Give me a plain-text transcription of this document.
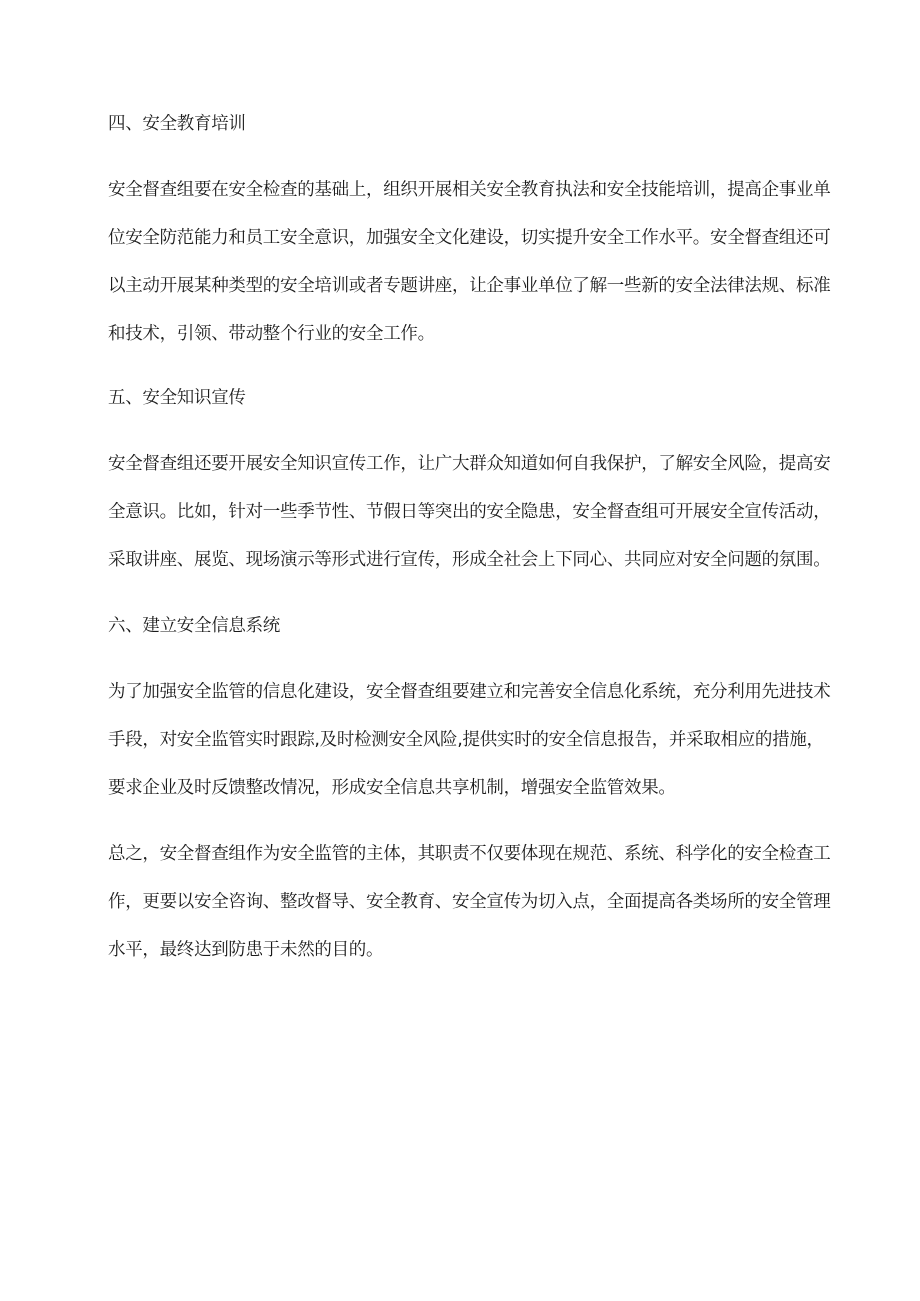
四、安全教育培训
安全督查组要在安全检查的基础上，组织开展相关安全教育执法和安全技能培训，提高企事业单
位安全防范能力和员工安全意识，加强安全文化建设，切实提升安全工作水平。安全督查组还可
以主动开展某种类型的安全培训或者专题讲座，让企事业单位了解一些新的安全法律法规、标准
和技术，引领、带动整个行业的安全工作。
五、安全知识宣传
安全督查组还要开展安全知识宣传工作，让广大群众知道如何自我保护，了解安全风险，提高安
全意识。比如，针对一些季节性、节假日等突出的安全隐患，安全督查组可开展安全宣传活动，
采取讲座、展览、现场演示等形式进行宣传，形成全社会上下同心、共同应对安全问题的氛围。
六、建立安全信息系统
为了加强安全监管的信息化建设，安全督查组要建立和完善安全信息化系统，充分利用先进技术
手段，对安全监管实时跟踪,及时检测安全风险,提供实时的安全信息报告，并采取相应的措施，
要求企业及时反馈整改情况，形成安全信息共享机制，增强安全监管效果。
总之，安全督查组作为安全监管的主体，其职责不仅要体现在规范、系统、科学化的安全检查工
作，更要以安全咨询、整改督导、安全教育、安全宣传为切入点，全面提高各类场所的安全管理
水平，最终达到防患于未然的目的。
